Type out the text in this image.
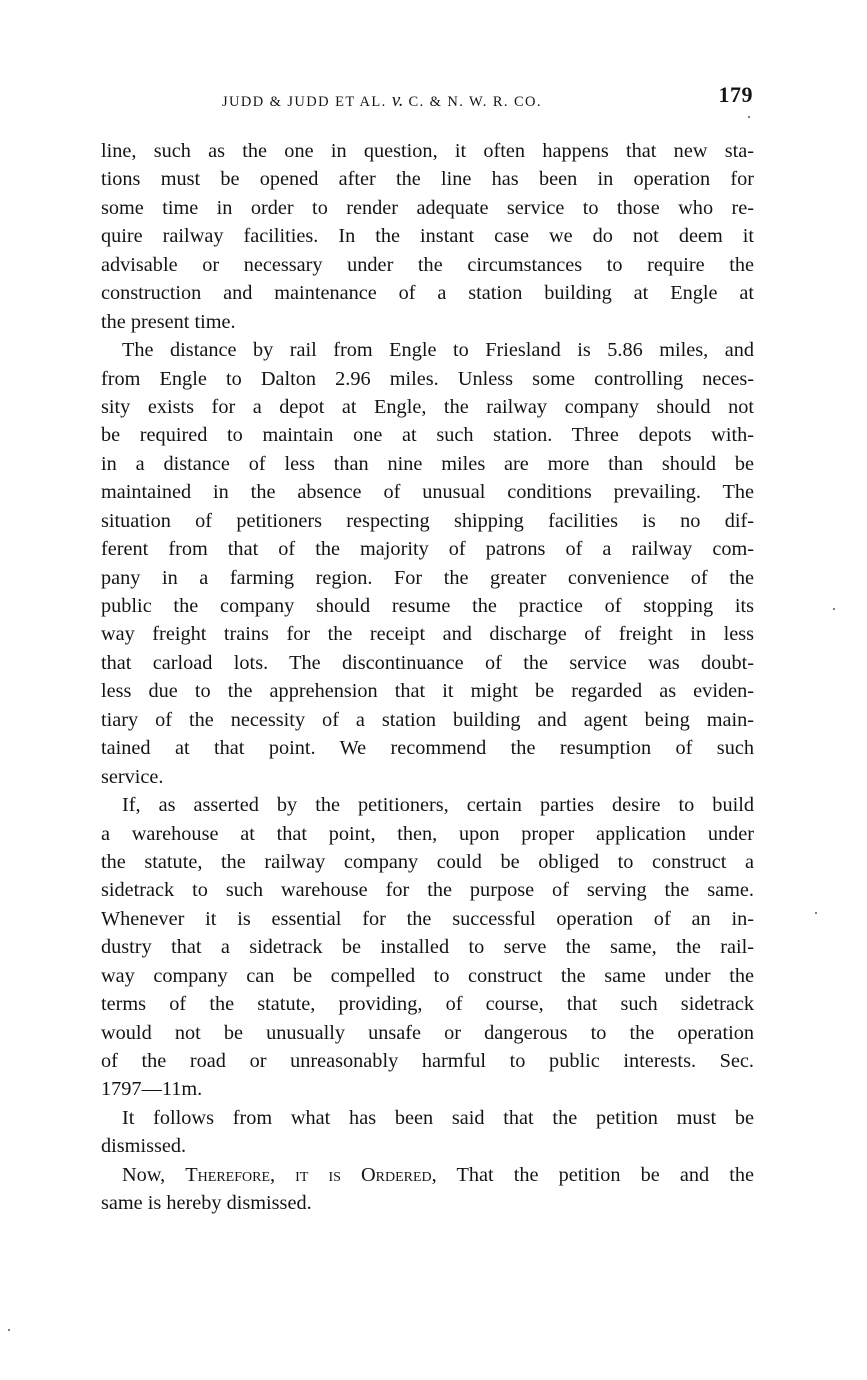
JUDD & JUDD ET AL. v. C. & N. W. R. CO.	179
line, such as the one in question, it often happens that new sta-
tions must be opened after the line has been in operation for
some time in order to render adequate service to those who re-
quire railway facilities. In the instant case we do not deem it
advisable or necessary under the circumstances to require the
construction and maintenance of a station building at Engle at
the present time.
The distance by rail from Engle to Friesland is 5.86 miles, and
from Engle to Dalton 2.96 miles. Unless some controlling neces-
sity exists for a depot at Engle, the railway company should not
be required to maintain one at such station. Three depots with-
in a distance of less than nine miles are more than should be
maintained in the absence of unusual conditions prevailing. The
situation of petitioners respecting shipping facilities is no dif-
ferent from that of the majority of patrons of a railway com-
pany in a farming region. For the greater convenience of the
public the company should resume the practice of stopping its
way freight trains for the receipt and discharge of freight in less
that carload lots. The discontinuance of the service was doubt-
less due to the apprehension that it might be regarded as eviden-
tiary of the necessity of a station building and agent being main-
tained at that point. We recommend the resumption of such
service.
If, as asserted by the petitioners, certain parties desire to build
a warehouse at that point, then, upon proper application under
the statute, the railway company could be obliged to construct a
sidetrack to such warehouse for the purpose of serving the same.
Whenever it is essential for the successful operation of an in-
dustry that a sidetrack be installed to serve the same, the rail-
way company can be compelled to construct the same under the
terms of the statute, providing, of course, that such sidetrack
would not be unusually unsafe or dangerous to the operation
of the road or unreasonably harmful to public interests. Sec.
1797—11m.
It follows from what has been said that the petition must be
dismissed.
Now, Therefore, it is Ordered, That the petition be and the
same is hereby dismissed.
